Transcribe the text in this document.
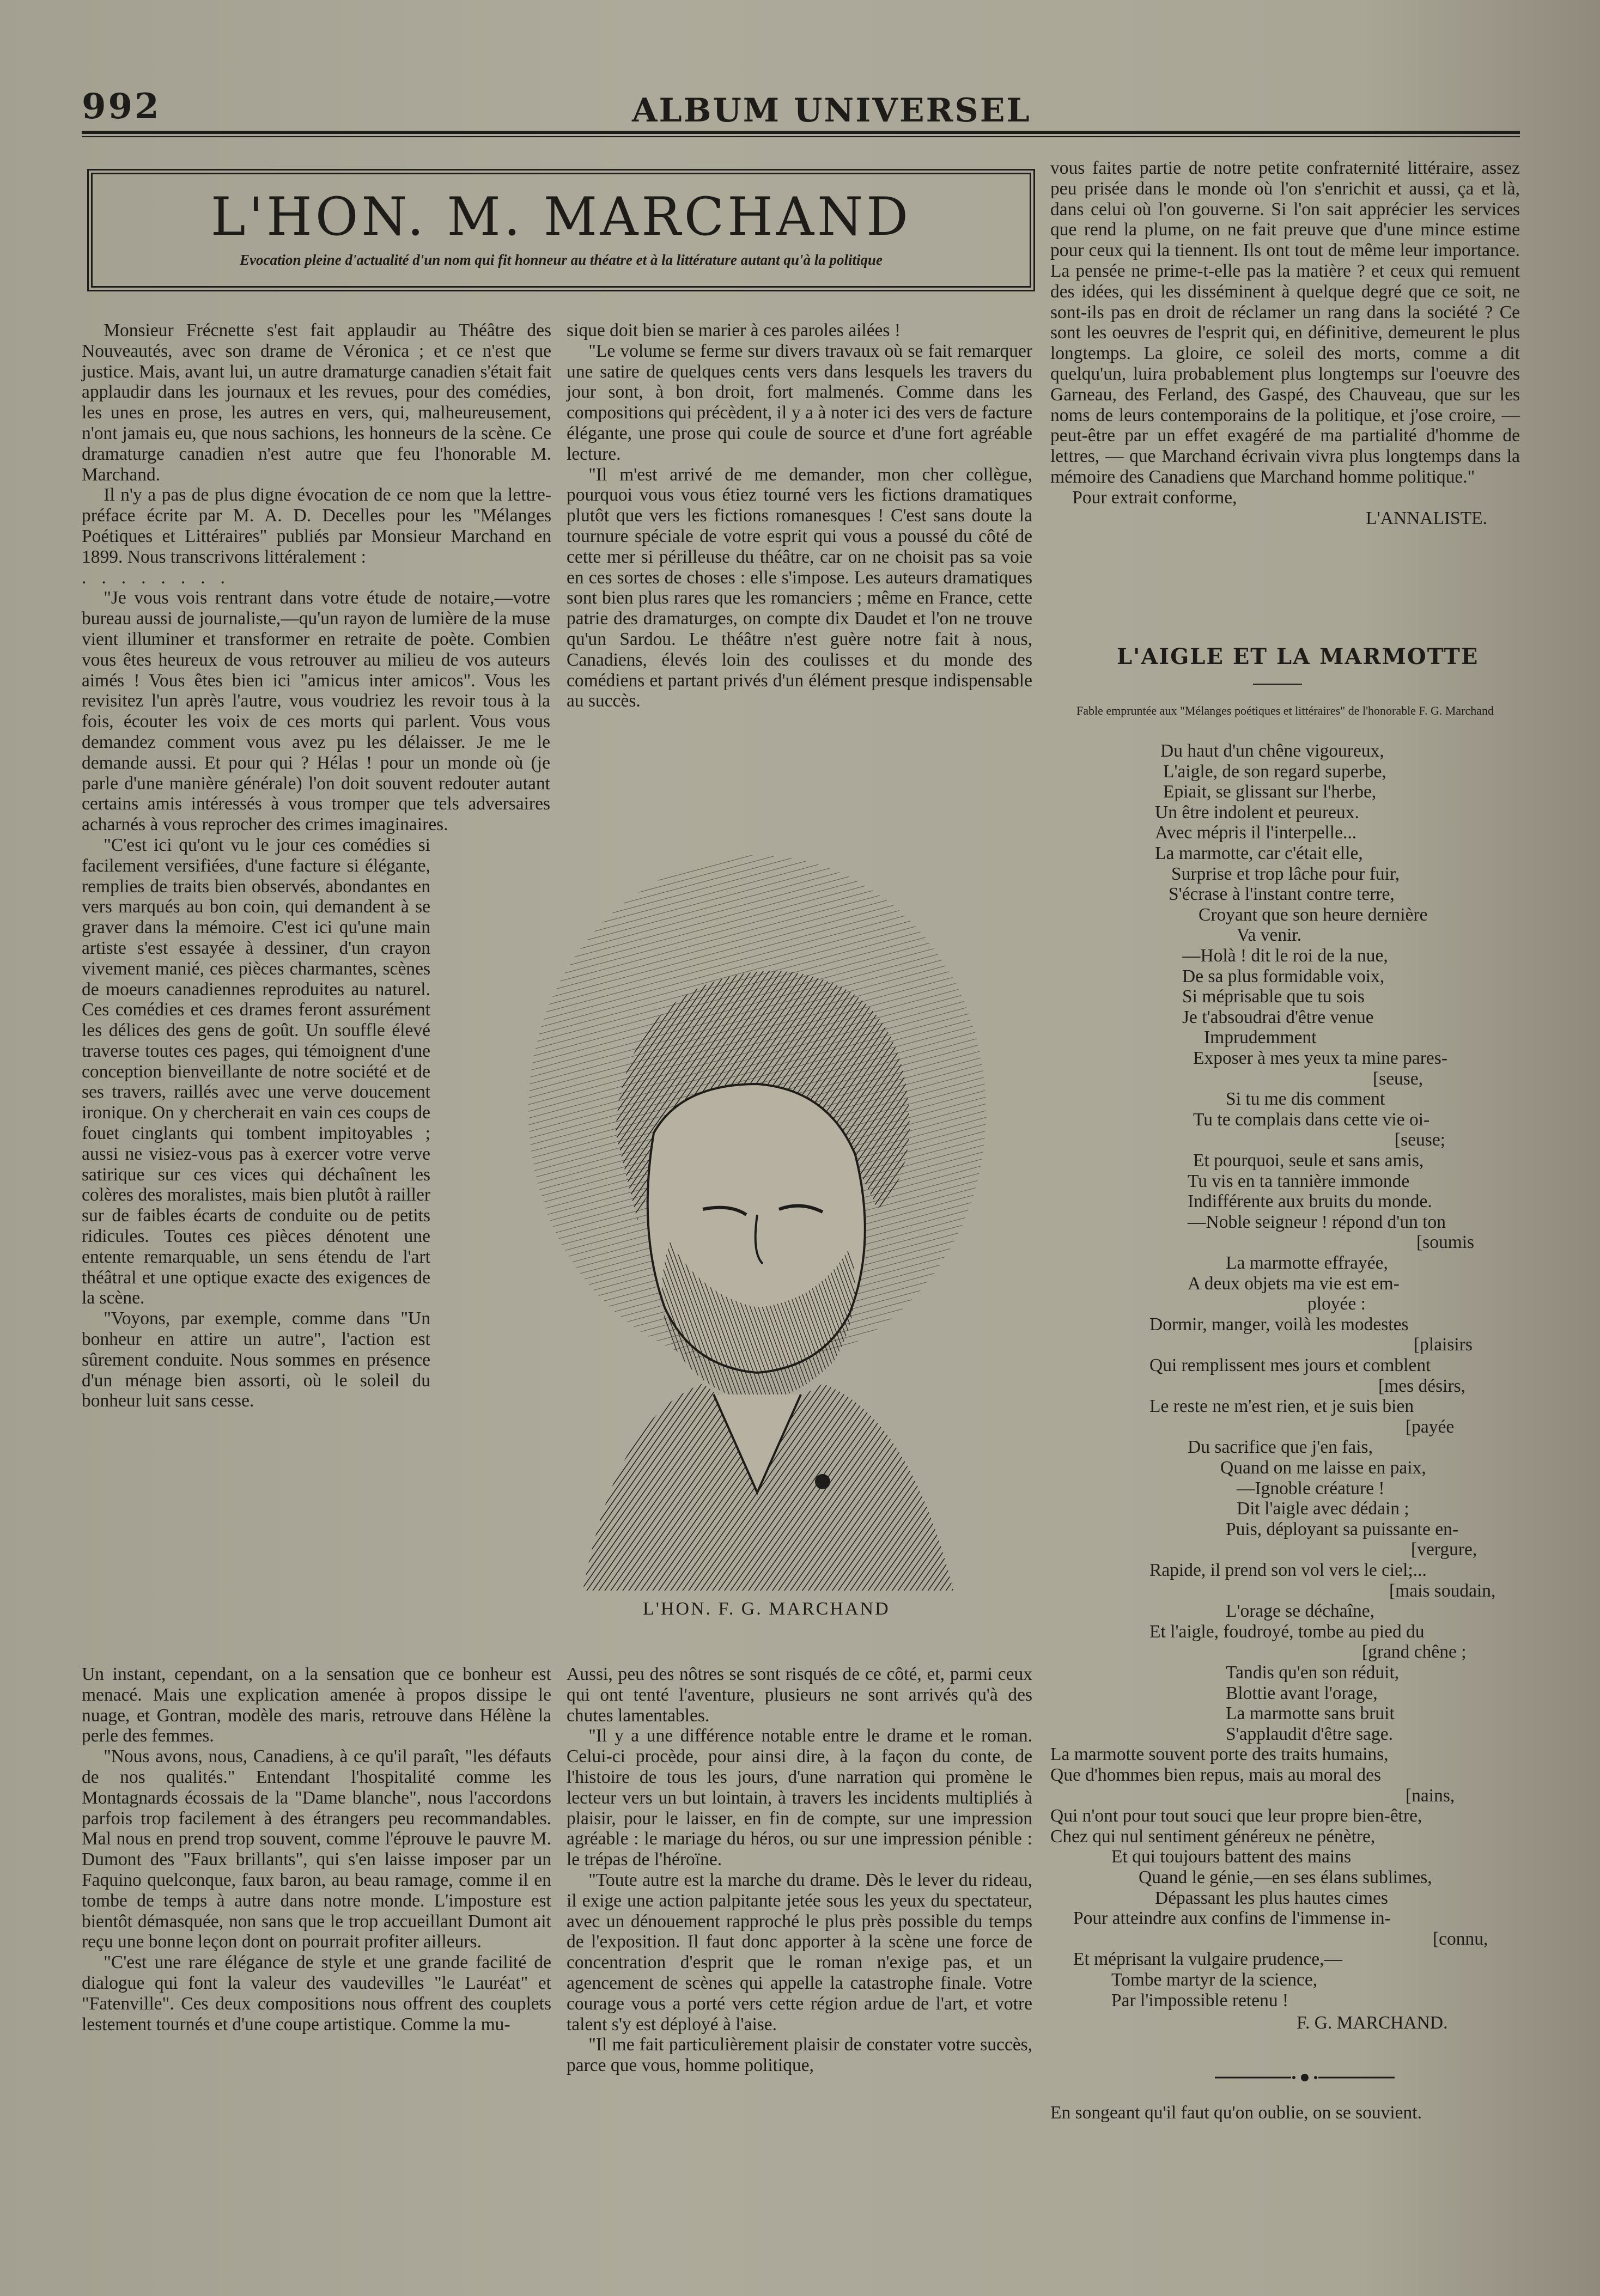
992	ALBUM UNIVERSEL
L'HON. M. MARCHAND
Evocation pleine d'actualité d'un nom qui fit honneur au théatre et à la littérature autant qu'à la politique

Monsieur Frécnette s'est fait applaudir au Théâtre des Nouveautés, avec son drame de Véronica ; et ce n'est que justice. Mais, avant lui, un autre dramaturge canadien s'était fait applaudir dans les journaux et les revues, pour des comédies, les unes en prose, les autres en vers, qui, malheureusement, n'ont jamais eu, que nous sachions, les honneurs de la scène. Ce dramaturge canadien n'est autre que feu l'honorable M. Marchand.

Il n'y a pas de plus digne évocation de ce nom que la lettre-préface écrite par M. A. D. Decelles pour les "Mélanges Poétiques et Littéraires" publiés par Monsieur Marchand en 1899. Nous transcrivons littéralement :

........

"Je vous vois rentrant dans votre étude de notaire,—votre bureau aussi de journaliste,—qu'un rayon de lumière de la muse vient illuminer et transformer en retraite de poète. Combien vous êtes heureux de vous retrouver au milieu de vos auteurs aimés ! Vous êtes bien ici "amicus inter amicos". Vous les revisitez l'un après l'autre, vous voudriez les revoir tous à la fois, écouter les voix de ces morts qui parlent. Vous vous demandez comment vous avez pu les délaisser. Je me le demande aussi. Et pour qui ? Hélas ! pour un monde où (je parle d'une manière générale) l'on doit souvent redouter autant certains amis intéressés à vous tromper que tels adversaires acharnés à vous reprocher des crimes imaginaires.

"C'est ici qu'ont vu le jour ces comédies si facilement versifiées, d'une facture si élégante, remplies de traits bien observés, abondantes en vers marqués au bon coin, qui demandent à se graver dans la mémoire. C'est ici qu'une main artiste s'est essayée à dessiner, d'un crayon vivement manié, ces pièces charmantes, scènes de moeurs canadiennes reproduites au naturel. Ces comédies et ces drames feront assurément les délices des gens de goût. Un souffle élevé traverse toutes ces pages, qui témoignent d'une conception bienveillante de notre société et de ses travers, raillés avec une verve doucement ironique. On y chercherait en vain ces coups de fouet cinglants qui tombent impitoyables ; aussi ne visiez-vous pas à exercer votre verve satirique sur ces vices qui déchaînent les colères des moralistes, mais bien plutôt à railler sur de faibles écarts de conduite ou de petits ridicules. Toutes ces pièces dénotent une entente remarquable, un sens étendu de l'art théâtral et une optique exacte des exigences de la scène.

"Voyons, par exemple, comme dans "Un bonheur en attire un autre", l'action est sûrement conduite. Nous sommes en présence d'un ménage bien assorti, où le soleil du bonheur luit sans cesse.

sique doit bien se marier à ces paroles ailées !

"Le volume se ferme sur divers travaux où se fait remarquer une satire de quelques cents vers dans lesquels les travers du jour sont, à bon droit, fort malmenés. Comme dans les compositions qui précèdent, il y a à noter ici des vers de facture élégante, une prose qui coule de source et d'une fort agréable lecture.

"Il m'est arrivé de me demander, mon cher collègue, pourquoi vous vous étiez tourné vers les fictions dramatiques plutôt que vers les fictions romanesques ! C'est sans doute la tournure spéciale de votre esprit qui vous a poussé du côté de cette mer si périlleuse du théâtre, car on ne choisit pas sa voie en ces sortes de choses : elle s'impose. Les auteurs dramatiques sont bien plus rares que les romanciers ; même en France, cette patrie des dramaturges, on compte dix Daudet et l'on ne trouve qu'un Sardou. Le théâtre n'est guère notre fait à nous, Canadiens, élevés loin des coulisses et du monde des comédiens et partant privés d'un élément presque indispensable au succès.

L'HON. F. G. MARCHAND

Un instant, cependant, on a la sensation que ce bonheur est menacé. Mais une explication amenée à propos dissipe le nuage, et Gontran, modèle des maris, retrouve dans Hélène la perle des femmes.

"Nous avons, nous, Canadiens, à ce qu'il paraît, "les défauts de nos qualités." Entendant l'hospitalité comme les Montagnards écossais de la "Dame blanche", nous l'accordons parfois trop facilement à des étrangers peu recommandables. Mal nous en prend trop souvent, comme l'éprouve le pauvre M. Dumont des "Faux brillants", qui s'en laisse imposer par un Faquino quelconque, faux baron, au beau ramage, comme il en tombe de temps à autre dans notre monde. L'imposture est bientôt démasquée, non sans que le trop accueillant Dumont ait reçu une bonne leçon dont on pourrait profiter ailleurs.

"C'est une rare élégance de style et une grande facilité de dialogue qui font la valeur des vaudevilles "le Lauréat" et "Fatenville". Ces deux compositions nous offrent des couplets lestement tournés et d'une coupe artistique. Comme la mu-

Aussi, peu des nôtres se sont risqués de ce côté, et, parmi ceux qui ont tenté l'aventure, plusieurs ne sont arrivés qu'à des chutes lamentables.

"Il y a une différence notable entre le drame et le roman. Celui-ci procède, pour ainsi dire, à la façon du conte, de l'histoire de tous les jours, d'une narration qui promène le lecteur vers un but lointain, à travers les incidents multipliés à plaisir, pour le laisser, en fin de compte, sur une impression agréable : le mariage du héros, ou sur une impression pénible : le trépas de l'héroïne.

"Toute autre est la marche du drame. Dès le lever du rideau, il exige une action palpitante jetée sous les yeux du spectateur, avec un dénouement rapproché le plus près possible du temps de l'exposition. Il faut donc apporter à la scène une force de concentration d'esprit que le roman n'exige pas, et un agencement de scènes qui appelle la catastrophe finale. Votre courage vous a porté vers cette région ardue de l'art, et votre talent s'y est déployé à l'aise.

"Il me fait particulièrement plaisir de constater votre succès, parce que vous, homme politique,

vous faites partie de notre petite confraternité littéraire, assez peu prisée dans le monde où l'on s'enrichit et aussi, ça et là, dans celui où l'on gouverne. Si l'on sait apprécier les services que rend la plume, on ne fait preuve que d'une mince estime pour ceux qui la tiennent. Ils ont tout de même leur importance. La pensée ne prime-t-elle pas la matière ? et ceux qui remuent des idées, qui les disséminent à quelque degré que ce soit, ne sont-ils pas en droit de réclamer un rang dans la société ? Ce sont les oeuvres de l'esprit qui, en définitive, demeurent le plus longtemps. La gloire, ce soleil des morts, comme a dit quelqu'un, luira probablement plus longtemps sur l'oeuvre des Garneau, des Ferland, des Gaspé, des Chauveau, que sur les noms de leurs contemporains de la politique, et j'ose croire, — peut-être par un effet exagéré de ma partialité d'homme de lettres, — que Marchand écrivain vivra plus longtemps dans la mémoire des Canadiens que Marchand homme politique."

Pour extrait conforme,

L'ANNALISTE.

L'AIGLE ET LA MARMOTTE
Fable empruntée aux "Mélanges poétiques et littéraires" de l'honorable F. G. Marchand
Du haut d'un chêne vigoureux,
L'aigle, de son regard superbe,
Epiait, se glissant sur l'herbe,
Un être indolent et peureux.
Avec mépris il l'interpelle...
La marmotte, car c'était elle,
Surprise et trop lâche pour fuir,
S'écrase à l'instant contre terre,
Croyant que son heure dernière
Va venir.
—Holà ! dit le roi de la nue,
De sa plus formidable voix,
Si méprisable que tu sois
Je t'absoudrai d'être venue
Imprudemment
Exposer à mes yeux ta mine pares-
[seuse,
Si tu me dis comment
Tu te complais dans cette vie oi-
[seuse;
Et pourquoi, seule et sans amis,
Tu vis en ta tannière immonde
Indifférente aux bruits du monde.
—Noble seigneur ! répond d'un ton
[soumis
La marmotte effrayée,
A deux objets ma vie est em-
ployée :
Dormir, manger, voilà les modestes
[plaisirs
Qui remplissent mes jours et comblent
[mes désirs,
Le reste ne m'est rien, et je suis bien
[payée
Du sacrifice que j'en fais,
Quand on me laisse en paix,
—Ignoble créature !
Dit l'aigle avec dédain ;
Puis, déployant sa puissante en-
[vergure,
Rapide, il prend son vol vers le ciel;...
[mais soudain,
L'orage se déchaîne,
Et l'aigle, foudroyé, tombe au pied du
[grand chêne ;
Tandis qu'en son réduit,
Blottie avant l'orage,
La marmotte sans bruit
S'applaudit d'être sage.
La marmotte souvent porte des traits humains,
Que d'hommes bien repus, mais au moral des
[nains,
Qui n'ont pour tout souci que leur propre bien-être,
Chez qui nul sentiment généreux ne pénètre,
Et qui toujours battent des mains
Quand le génie,—en ses élans sublimes,
Dépassant les plus hautes cimes
Pour atteindre aux confins de l'immense in-
[connu,
Et méprisant la vulgaire prudence,—
Tombe martyr de la science,
Par l'impossible retenu !
F. G. MARCHAND.
En songeant qu'il faut qu'on oublie, on se souvient.
